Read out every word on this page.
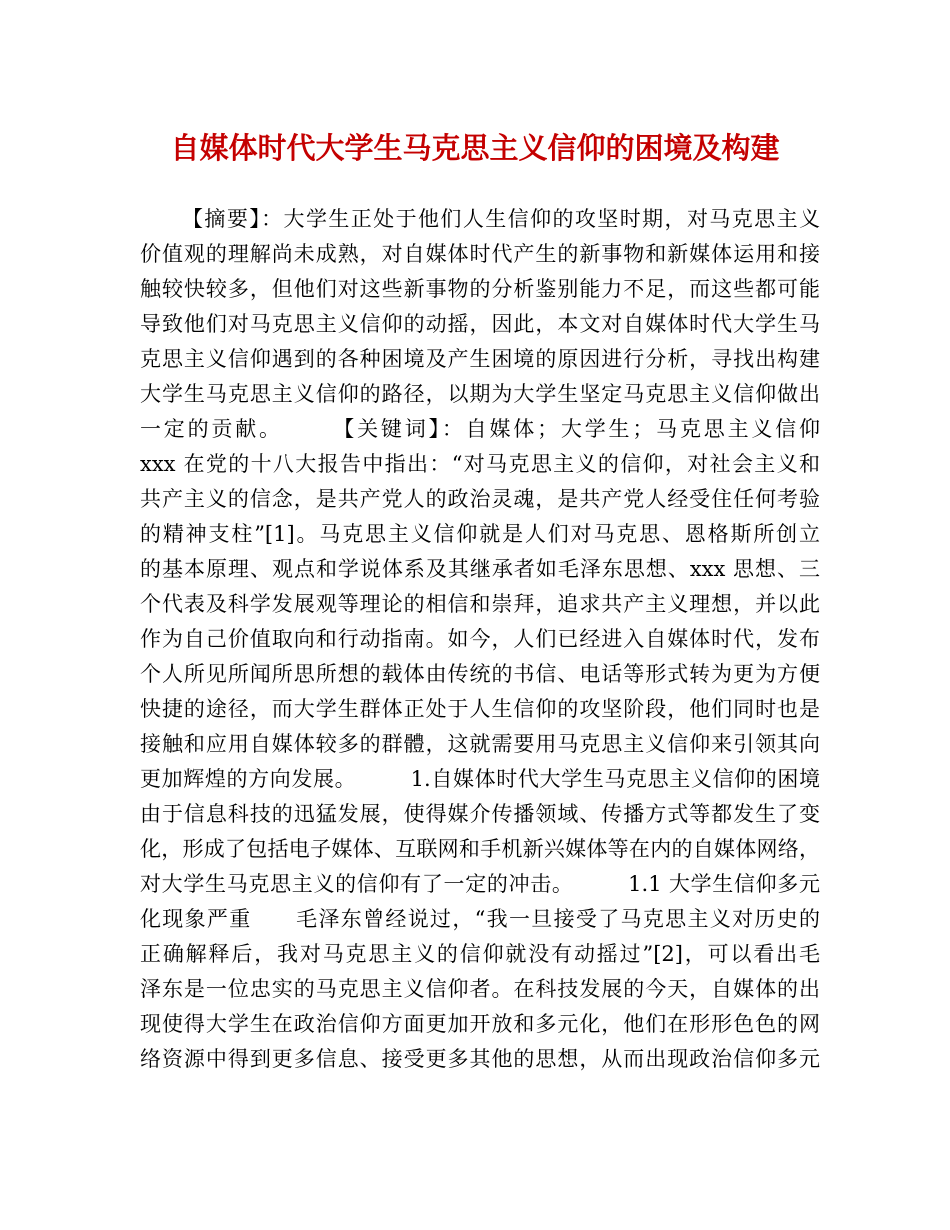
自媒体时代大学生马克思主义信仰的困境及构建
【摘要】：大学生正处于他们人生信仰的攻坚时期，对马克思主义
价值观的理解尚未成熟，对自媒体时代产生的新事物和新媒体运用和接
触较快较多，但他们对这些新事物的分析鉴别能力不足，而这些都可能
导致他们对马克思主义信仰的动摇，因此，本文对自媒体时代大学生马
克思主义信仰遇到的各种困境及产生困境的原因进行分析，寻找出构建
大学生马克思主义信仰的路径，以期为大学生坚定马克思主义信仰做出
一定的贡献。　　　【关键词】：自媒体；大学生；马克思主义信仰
xxx 在党的十八大报告中指出：“对马克思主义的信仰，对社会主义和
共产主义的信念，是共产党人的政治灵魂，是共产党人经受住任何考验
的精神支柱”[1]。马克思主义信仰就是人们对马克思、恩格斯所创立
的基本原理、观点和学说体系及其继承者如毛泽东思想、xxx 思想、三
个代表及科学发展观等理论的相信和崇拜，追求共产主义理想，并以此
作为自己价值取向和行动指南。如今，人们已经进入自媒体时代，发布
个人所见所闻所思所想的载体由传统的书信、电话等形式转为更为方便
快捷的途径，而大学生群体正处于人生信仰的攻坚阶段，他们同时也是
接触和应用自媒体较多的群體，这就需要用马克思主义信仰来引领其向
更加辉煌的方向发展。　　　1.自媒体时代大学生马克思主义信仰的困境
由于信息科技的迅猛发展，使得媒介传播领域、传播方式等都发生了变
化，形成了包括电子媒体、互联网和手机新兴媒体等在内的自媒体网络，
对大学生马克思主义的信仰有了一定的冲击。　　　1.1 大学生信仰多元
化现象严重　　毛泽东曾经说过，“我一旦接受了马克思主义对历史的
正确解释后，我对马克思主义的信仰就没有动摇过”[2]，可以看出毛
泽东是一位忠实的马克思主义信仰者。在科技发展的今天，自媒体的出
现使得大学生在政治信仰方面更加开放和多元化，他们在形形色色的网
络资源中得到更多信息、接受更多其他的思想，从而出现政治信仰多元
